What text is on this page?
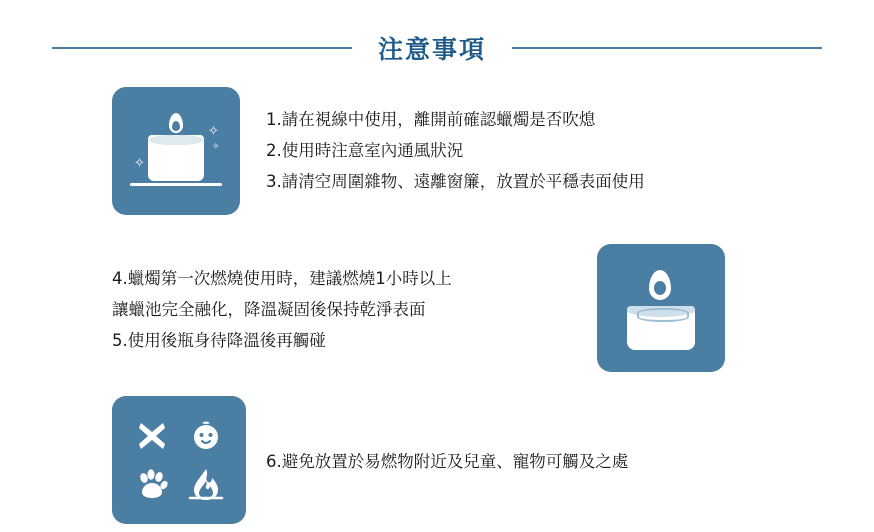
注意事項
✧
✧
✧
1.請在視線中使用，離開前確認蠟燭是否吹熄
2.使用時注意室內通風狀況
3.請清空周圍雜物、遠離窗簾，放置於平穩表面使用
4.蠟燭第一次燃燒使用時，建議燃燒1小時以上
讓蠟池完全融化，降溫凝固後保持乾淨表面
5.使用後瓶身待降溫後再觸碰
6.避免放置於易燃物附近及兒童、寵物可觸及之處
